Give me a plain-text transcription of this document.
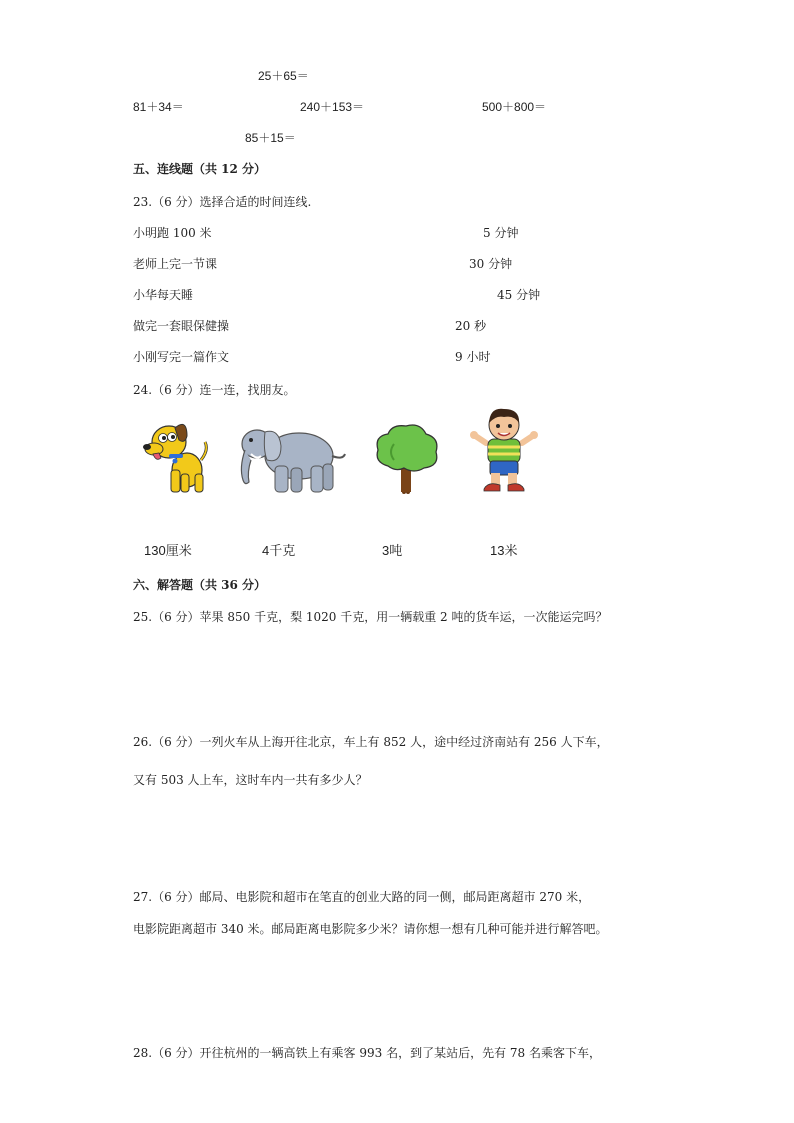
25＋65＝
81＋34＝	240＋153＝	500＋800＝
85＋15＝
五、连线题（共 12 分）
23.（6 分）选择合适的时间连线.
小明跑 100 米	5 分钟
老师上完一节课	30 分钟
小华每天睡	45 分钟
做完一套眼保健操	20 秒
小刚写完一篇作文	9 小时
24.（6 分）连一连，找朋友。
130厘米	4千克	3吨	13米
六、解答题（共 36 分）
25.（6 分）苹果 850 千克，梨 1020 千克，用一辆载重 2 吨的货车运，一次能运完吗？
26.（6 分）一列火车从上海开往北京，车上有 852 人，途中经过济南站有 256 人下车，
又有 503 人上车，这时车内一共有多少人？
27.（6 分）邮局、电影院和超市在笔直的创业大路的同一侧，邮局距离超市 270 米，
电影院距离超市 340 米。邮局距离电影院多少米？请你想一想有几种可能并进行解答吧。
28.（6 分）开往杭州的一辆高铁上有乘客 993 名，到了某站后，先有 78 名乘客下车，
